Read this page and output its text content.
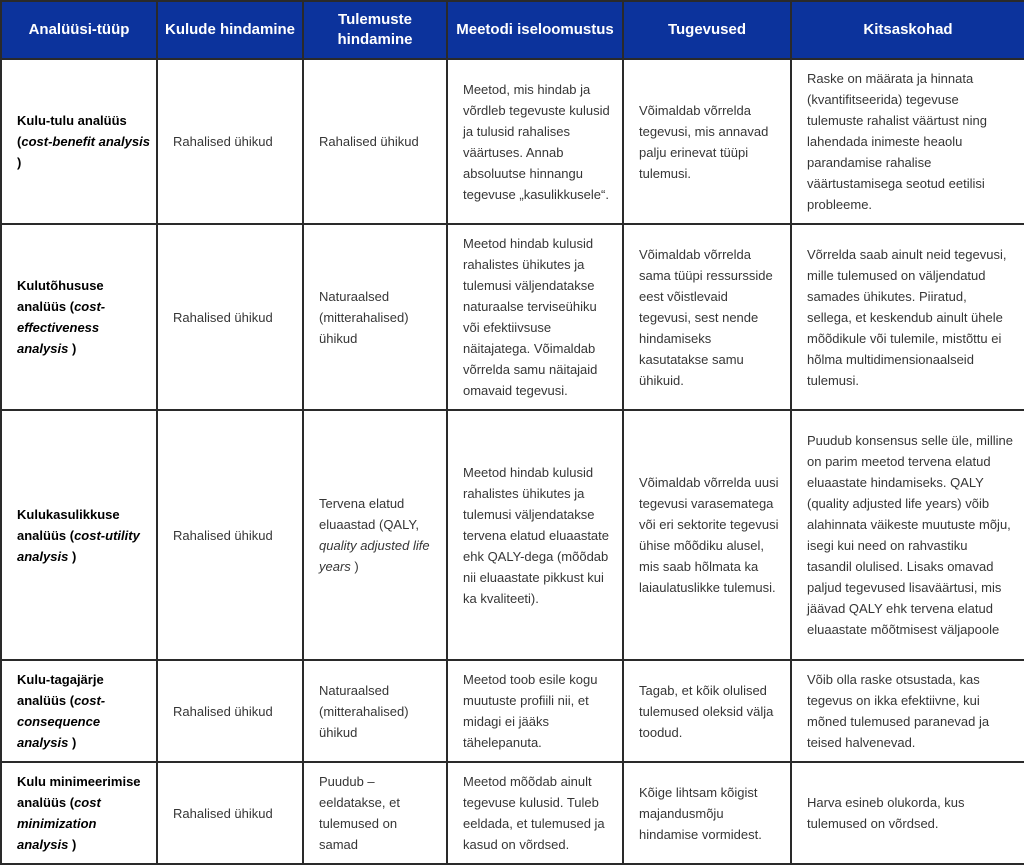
Analüüsi-tüüp	Kulude hindamine	Tulemuste hindamine	Meetodi iseloomustus	Tugevused	Kitsaskohad
Kulu-tulu analüüs (cost-benefit analysis )	Rahalised ühikud	Rahalised ühikud	Meetod, mis hindab ja võrdleb tegevuste kulusid ja tulusid rahalises väärtuses. Annab absoluutse hinnangu tegevuse „kasulikkusele“.	Võimaldab võrrelda tegevusi, mis annavad palju erinevat tüüpi tulemusi.	Raske on määrata ja hinnata (kvantifitseerida) tegevuse tulemuste rahalist väärtust ning lahendada inimeste heaolu parandamise rahalise väärtustamisega seotud eetilisi probleeme.
Kulutõhususe analüüs (cost-effectiveness analysis )	Rahalised ühikud	Naturaalsed (mitterahalised) ühikud	Meetod hindab kulusid rahalistes ühikutes ja tulemusi väljendatakse naturaalse terviseühiku või efektiivsuse näitajatega. Võimaldab võrrelda samu näitajaid omavaid tegevusi.	Võimaldab võrrelda sama tüüpi ressursside eest võistlevaid tegevusi, sest nende hindamiseks kasutatakse samu ühikuid.	Võrrelda saab ainult neid tegevusi, mille tulemused on väljendatud samades ühikutes. Piiratud, sellega, et keskendub ainult ühele mõõdikule või tulemile, mistõttu ei hõlma multidimensionaalseid tulemusi.
Kulukasulikkuse analüüs (cost-utility analysis )	Rahalised ühikud	Tervena elatud eluaastad (QALY, quality adjusted life years )	Meetod hindab kulusid rahalistes ühikutes ja tulemusi väljendatakse tervena elatud eluaastate ehk QALY-dega (mõõdab nii eluaastate pikkust kui ka kvaliteeti).	Võimaldab võrrelda uusi tegevusi varasematega või eri sektorite tegevusi ühise mõõdiku alusel, mis saab hõlmata ka laiaulatuslikke tulemusi.	Puudub konsensus selle üle, milline on parim meetod tervena elatud eluaastate hindamiseks. QALY (quality adjusted life years) võib alahinnata väikeste muutuste mõju, isegi kui need on rahvastiku tasandil olulised. Lisaks omavad paljud tegevused lisaväärtusi, mis jäävad QALY ehk tervena elatud eluaastate mõõtmisest väljapoole
Kulu-tagajärje analüüs (cost-consequence analysis )	Rahalised ühikud	Naturaalsed (mitterahalised) ühikud	Meetod toob esile kogu muutuste profiili nii, et midagi ei jääks tähelepanuta.	Tagab, et kõik olulised tulemused oleksid välja toodud.	Võib olla raske otsustada, kas tegevus on ikka efektiivne, kui mõned tulemused paranevad ja teised halvenevad.
Kulu minimeerimise analüüs (cost minimization analysis )	Rahalised ühikud	Puudub – eeldatakse, et tulemused on samad	Meetod mõõdab ainult tegevuse kulusid. Tuleb eeldada, et tulemused ja kasud on võrdsed.	Kõige lihtsam kõigist majandusmõju hindamise vormidest.	Harva esineb olukorda, kus tulemused on võrdsed.
